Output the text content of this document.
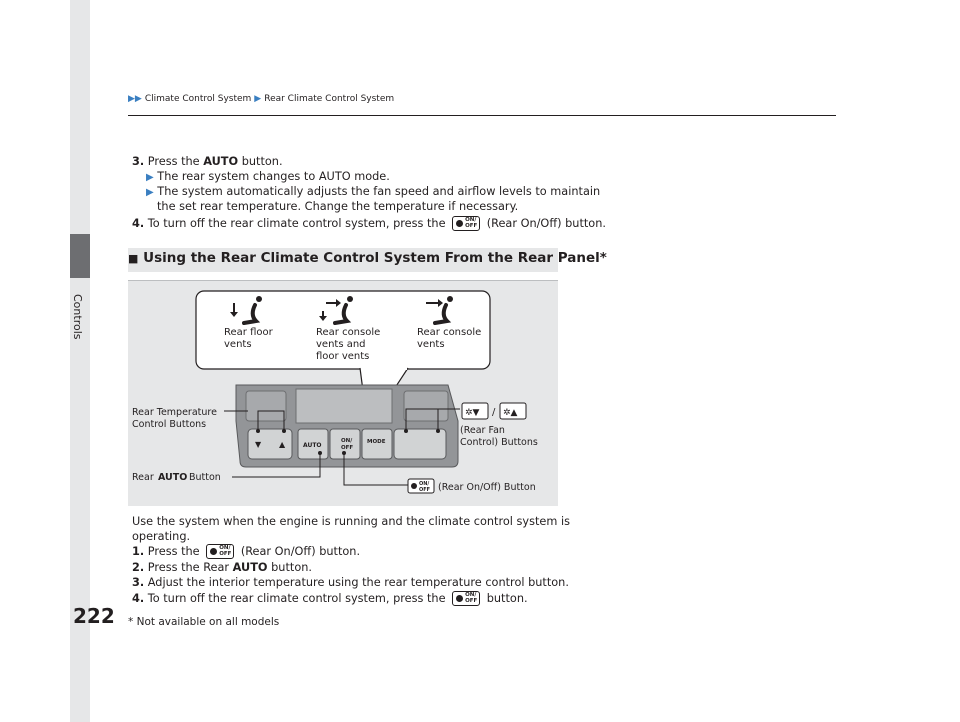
Controls
222
▶▶ Climate Control System ▶ Rear Climate Control System
3. Press the AUTO button.
▶ The rear system changes to AUTO mode.
▶ The system automatically adjusts the fan speed and airflow levels to maintain
the set rear temperature. Change the temperature if necessary.
4. To turn off the rear climate control system, press the	ON/
OFF (Rear On/Off) button.
■ Using the Rear Climate Control System From the Rear Panel*
Rear floor
vents
Rear console
vents and
floor vents
Rear console
vents
▼ ▲	AUTO
ON/
OFF
MODE
Rear Temperature
Control Buttons
Rear AUTO Button
ON/
OFF (Rear On/Off) Button
✲▼ / ✲▲
(Rear Fan
Control) Buttons
Use the system when the engine is running and the climate control system is
operating.
1. Press the	ON/
OFF (Rear On/Off) button.
2. Press the Rear AUTO button.
3. Adjust the interior temperature using the rear temperature control button.
4. To turn off the rear climate control system, press the	ON/
OFF button.
* Not available on all models
